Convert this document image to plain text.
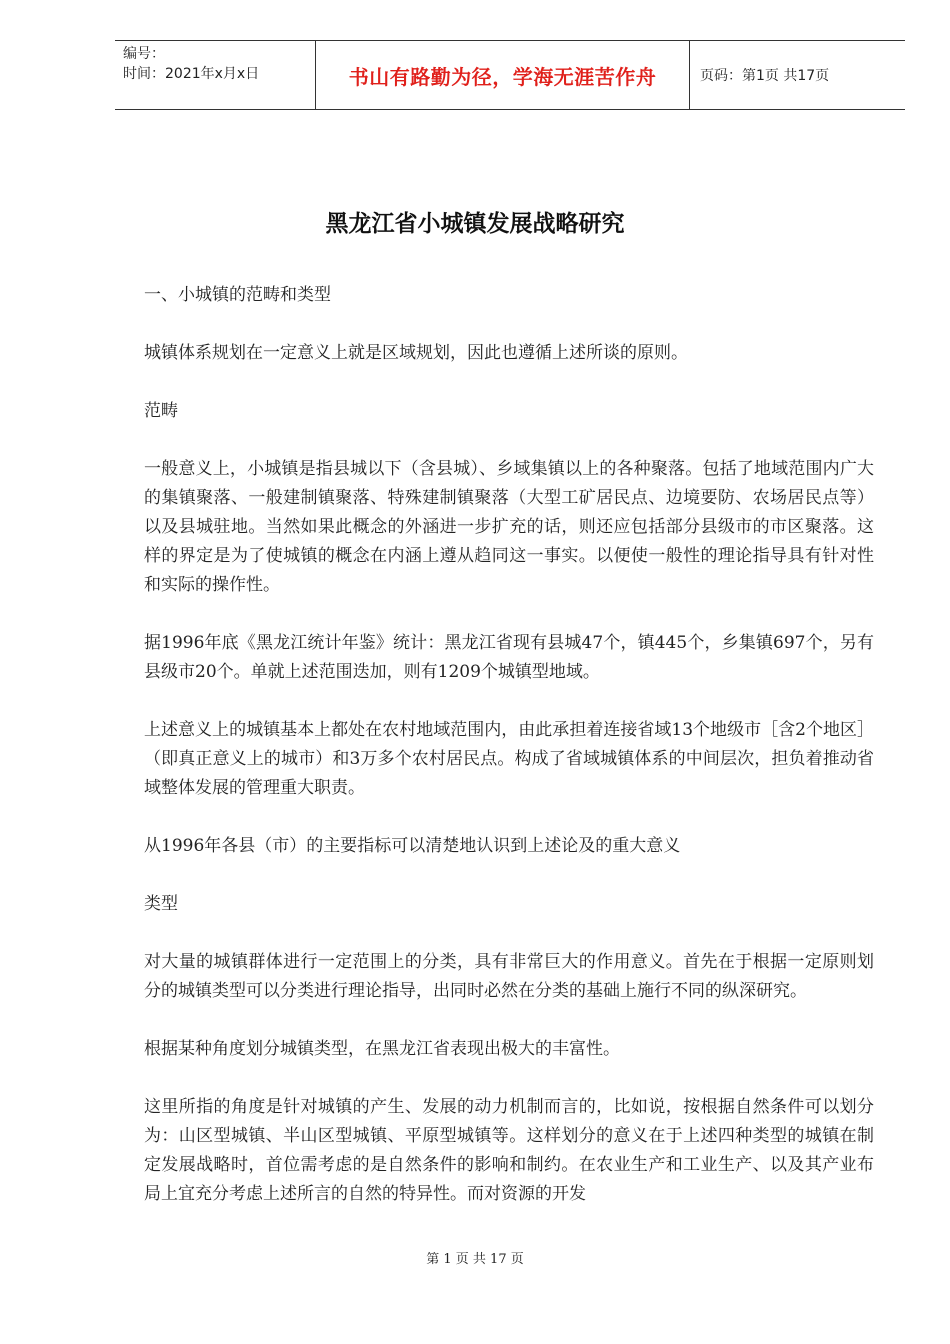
编号：
时间：2021年x月x日	书山有路勤为径，学海无涯苦作舟	页码：第1页 共17页
黑龙江省小城镇发展战略研究

一、小城镇的范畴和类型

城镇体系规划在一定意义上就是区域规划，因此也遵循上述所谈的原则。

范畴

一般意义上，小城镇是指县城以下（含县城）、乡域集镇以上的各种聚落。包括了地域范围内广大的集镇聚落、一般建制镇聚落、特殊建制镇聚落（大型工矿居民点、边境要防、农场居民点等）以及县城驻地。当然如果此概念的外涵进一步扩充的话，则还应包括部分县级市的市区聚落。这样的界定是为了使城镇的概念在内涵上遵从趋同这一事实。以便使一般性的理论指导具有针对性和实际的操作性。

据1996年底《黑龙江统计年鉴》统计：黑龙江省现有县城47个，镇445个，乡集镇697个，另有县级市20个。单就上述范围迭加，则有1209个城镇型地域。

上述意义上的城镇基本上都处在农村地域范围内，由此承担着连接省域13个地级市［含2个地区］（即真正意义上的城市）和3万多个农村居民点。构成了省域城镇体系的中间层次，担负着推动省域整体发展的管理重大职责。

从1996年各县（市）的主要指标可以清楚地认识到上述论及的重大意义

类型

对大量的城镇群体进行一定范围上的分类，具有非常巨大的作用意义。首先在于根据一定原则划分的城镇类型可以分类进行理论指导，出同时必然在分类的基础上施行不同的纵深研究。

根据某种角度划分城镇类型，在黑龙江省表现出极大的丰富性。

这里所指的角度是针对城镇的产生、发展的动力机制而言的，比如说，按根据自然条件可以划分为：山区型城镇、半山区型城镇、平原型城镇等。这样划分的意义在于上述四种类型的城镇在制定发展战略时，首位需考虑的是自然条件的影响和制约。在农业生产和工业生产、以及其产业布局上宜充分考虑上述所言的自然的特异性。而对资源的开发

第 1 页 共 17 页
